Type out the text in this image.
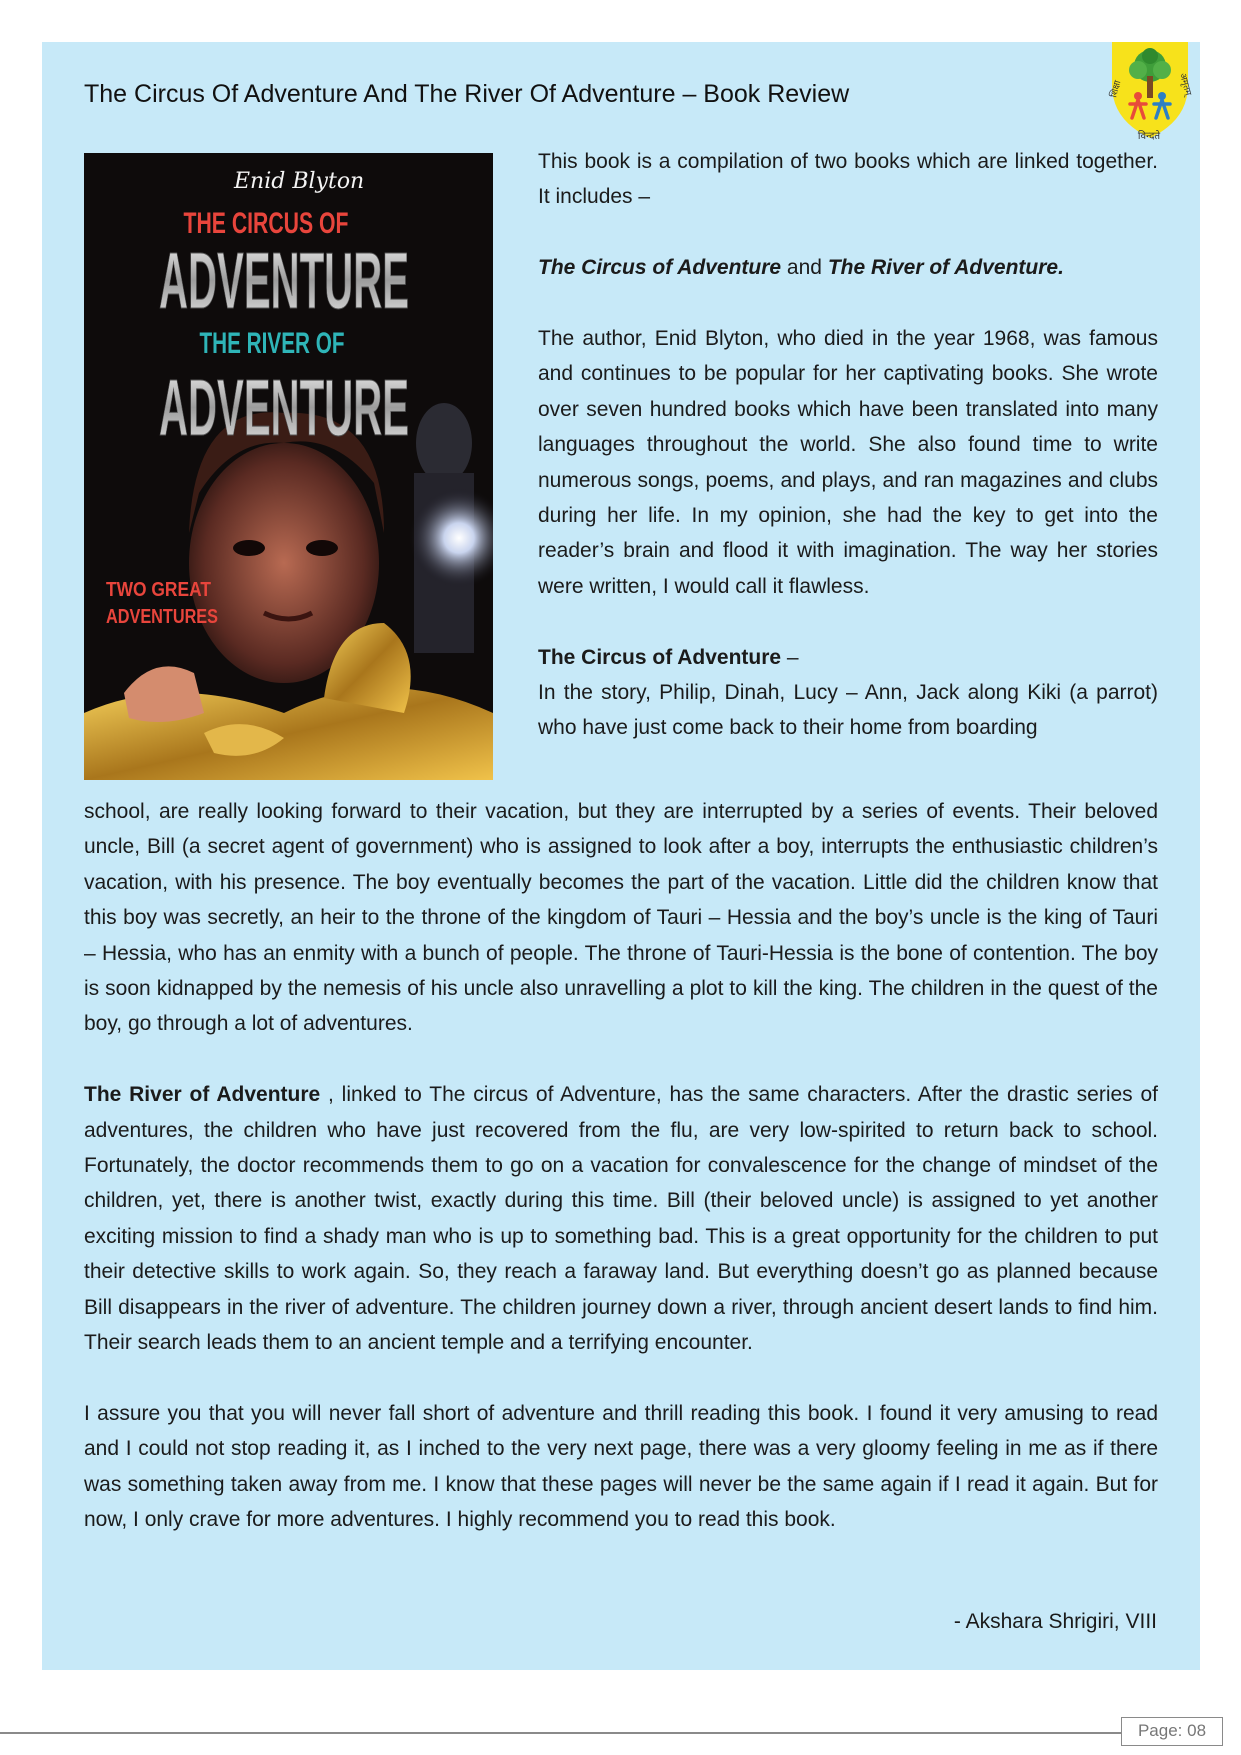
The Circus Of Adventure And The River Of Adventure – Book Review	शिक्षा	अमृतम्
विन्दते
Enid Blyton
THE CIRCUS OF
ADVENTURE
THE RIVER OF
ADVENTURE
TWO GREAT
ADVENTURES

This book is a compilation of two books which are linked together. It includes –

The Circus of Adventure and The River of Adventure.

The author, Enid Blyton, who died in the year 1968, was famous and continues to be popular for her captivating books. She wrote over seven hundred books which have been translated into many languages throughout the world. She also found time to write numerous songs, poems, and plays, and ran magazines and clubs during her life. In my opinion, she had the key to get into the reader’s brain and flood it with imagination. The way her stories were written, I would call it flawless.

The Circus of Adventure –

In the story, Philip, Dinah, Lucy – Ann, Jack along Kiki (a parrot) who have just come back to their home from boarding

school, are really looking forward to their vacation, but they are interrupted by a series of events. Their beloved uncle, Bill (a secret agent of government) who is assigned to look after a boy, interrupts the enthusiastic children’s vacation, with his presence. The boy eventually becomes the part of the vacation. Little did the children know that this boy was secretly, an heir to the throne of the kingdom of Tauri – Hessia and the boy’s uncle is the king of Tauri – Hessia, who has an enmity with a bunch of people. The throne of Tauri-Hessia is the bone of contention. The boy is soon kidnapped by the nemesis of his uncle also unravelling a plot to kill the king. The children in the quest of the boy, go through a lot of adventures.

The River of Adventure , linked to The circus of Adventure, has the same characters. After the drastic series of adventures, the children who have just recovered from the flu, are very low-spirited to return back to school. Fortunately, the doctor recommends them to go on a vacation for convalescence for the change of mindset of the children, yet, there is another twist, exactly during this time. Bill (their beloved uncle) is assigned to yet another exciting mission to find a shady man who is up to something bad. This is a great opportunity for the children to put their detective skills to work again. So, they reach a faraway land. But everything doesn’t go as planned because Bill disappears in the river of adventure. The children journey down a river, through ancient desert lands to find him. Their search leads them to an ancient temple and a terrifying encounter.

I assure you that you will never fall short of adventure and thrill reading this book. I found it very amusing to read and I could not stop reading it, as I inched to the very next page, there was a very gloomy feeling in me as if there was something taken away from me. I know that these pages will never be the same again if I read it again. But for now, I only crave for more adventures. I highly recommend you to read this book.

- Akshara Shrigiri, VIII
Page: 08
